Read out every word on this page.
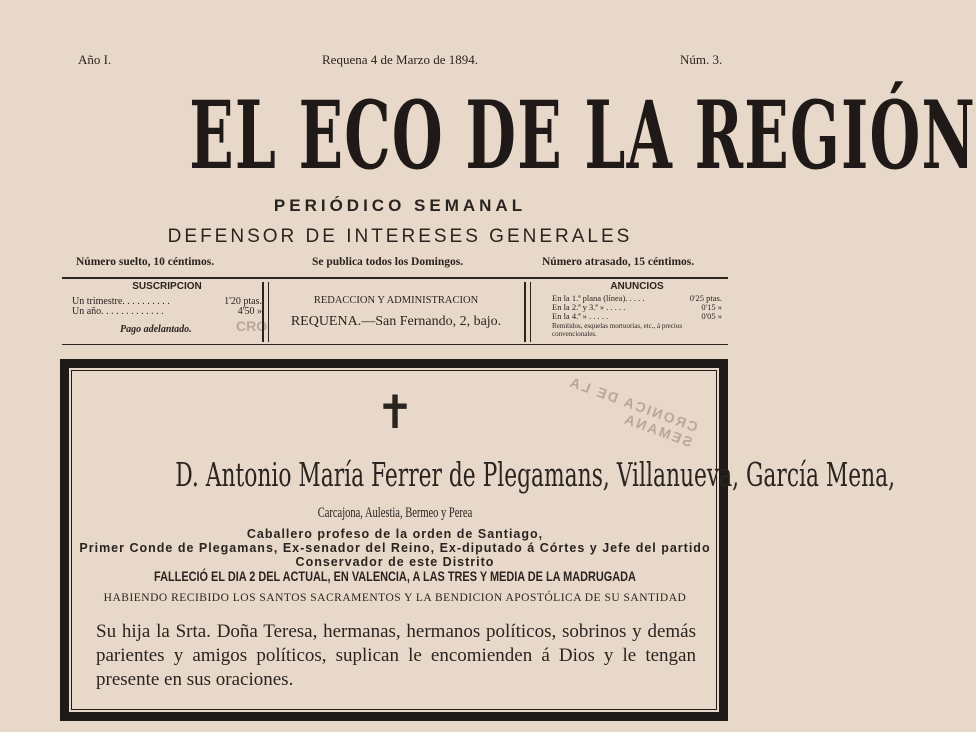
Año I.	Requena 4 de Marzo de 1894.	Núm. 3.
EL ECO DE LA REGIÓN
PERIÓDICO SEMANAL
DEFENSOR DE INTERESES GENERALES
Número suelto, 10 céntimos.	Se publica todos los Domingos.	Número atrasado, 15 céntimos.
SUSCRIPCION
Un trimestre. . . . . . . . . .	1'20 ptas.
Un año. . . . . . . . . . . . .	4'50 »
Pago adelantado.	CRO
REDACCION Y ADMINISTRACION
REQUENA.—San Fernando, 2, bajo.
ANUNCIOS
En la 1.ª plana (línea). . . . .	0'25 ptas.
En la 2.ª y 3.ª » . . . . .	0'15 »
En la 4.ª » . . . . .	0'05 »
Remitidos, esquelas mortuorias, etc., á precios convencionales.
CRONICA DE LA SEMANA
✝
D. Antonio María Ferrer de Plegamans, Villanueva, García Mena,
Carcajona, Aulestia, Bermeo y Perea
Caballero profeso de la orden de Santiago,
Primer Conde de Plegamans, Ex-senador del Reino, Ex-diputado á Córtes y Jefe del partido
Conservador de este Distrito
FALLECIÓ EL DIA 2 DEL ACTUAL, EN VALENCIA, A LAS TRES Y MEDIA DE LA MADRUGADA
HABIENDO RECIBIDO LOS SANTOS SACRAMENTOS Y LA BENDICION APOSTÓLICA DE SU SANTIDAD
Su hija la Srta. Doña Teresa, hermanas, hermanos políticos, sobrinos y demás parientes y amigos políticos, suplican le encomienden á Dios y le tengan presente en sus oraciones.
